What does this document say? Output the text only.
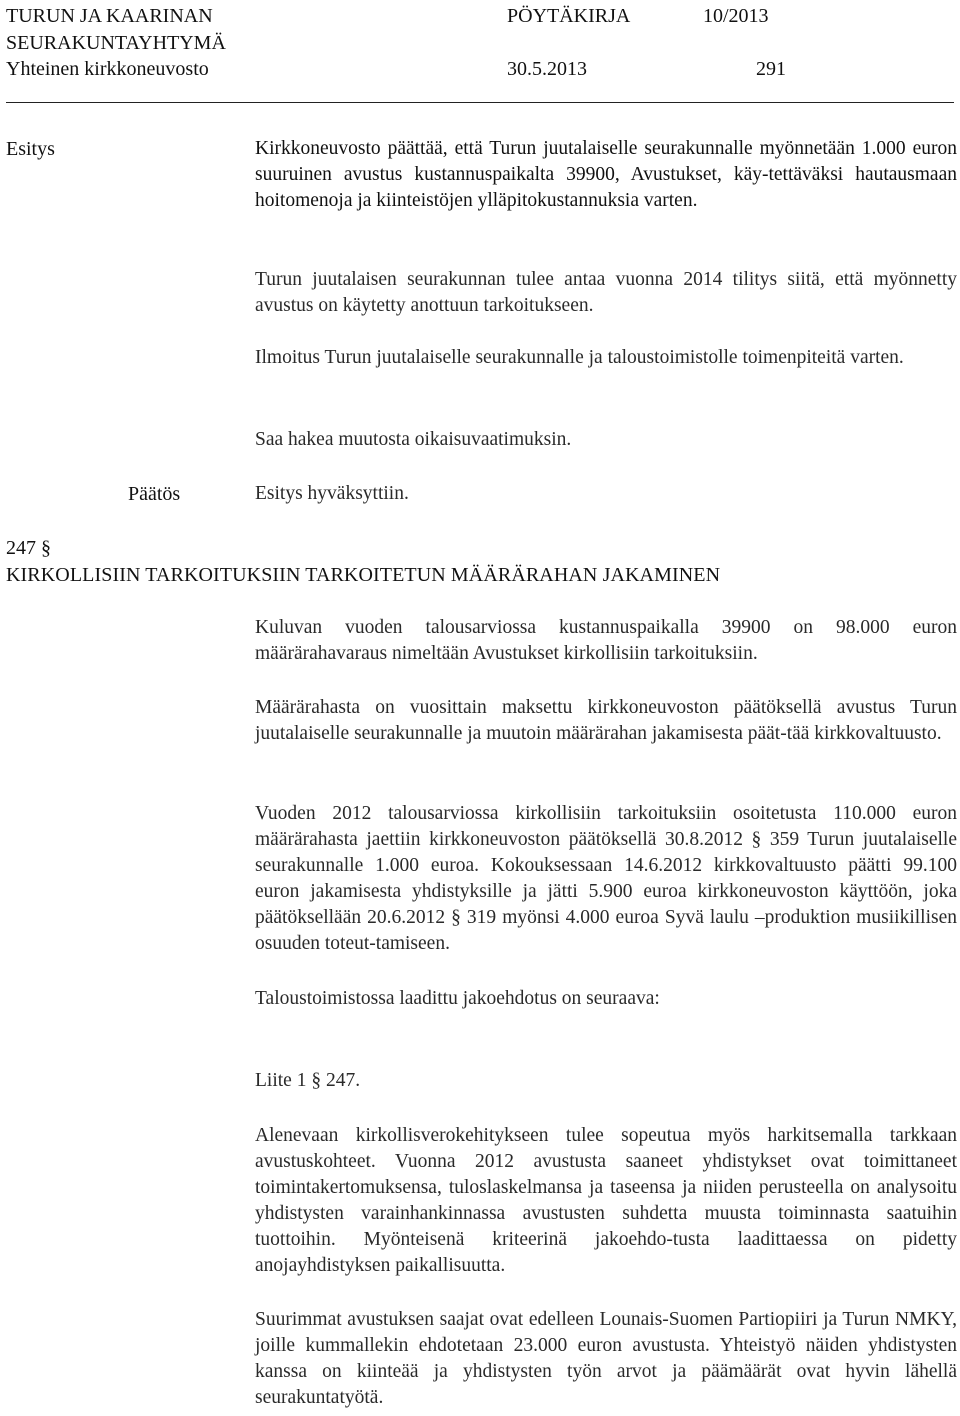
TURUN JA KAARINAN	PÖYTÄKIRJA	10/2013
SEURAKUNTAYHTYMÄ
Yhteinen kirkkoneuvosto	30.5.2013	291
Esitys	Kirkkoneuvosto päättää, että Turun juutalaiselle seurakunnalle myönnetään 1.000 euron suuruinen avustus kustannuspaikalta 39900, Avustukset, käy-tettäväksi hautausmaan hoitomenoja ja kiinteistöjen ylläpitokustannuksia varten.

Turun juutalaisen seurakunnan tulee antaa vuonna 2014 tilitys siitä, että myönnetty avustus on käytetty anottuun tarkoitukseen.

Ilmoitus Turun juutalaiselle seurakunnalle ja taloustoimistolle toimenpiteitä varten.

Saa hakea muutosta oikaisuvaatimuksin.

Päätös	Esitys hyväksyttiin.

247 §
KIRKOLLISIIN TARKOITUKSIIN TARKOITETUN MÄÄRÄRAHAN JAKAMINEN

Kuluvan vuoden talousarviossa kustannuspaikalla 39900 on 98.000 euron määrärahavaraus nimeltään Avustukset kirkollisiin tarkoituksiin.

Määrärahasta on vuosittain maksettu kirkkoneuvoston päätöksellä avustus Turun juutalaiselle seurakunnalle ja muutoin määrärahan jakamisesta päät-tää kirkkovaltuusto.

Vuoden 2012 talousarviossa kirkollisiin tarkoituksiin osoitetusta 110.000 euron määrärahasta jaettiin kirkkoneuvoston päätöksellä 30.8.2012 § 359 Turun juutalaiselle seurakunnalle 1.000 euroa. Kokouksessaan 14.6.2012 kirkkovaltuusto päätti 99.100 euron jakamisesta yhdistyksille ja jätti 5.900 euroa kirkkoneuvoston käyttöön, joka päätöksellään 20.6.2012 § 319 myönsi 4.000 euroa Syvä laulu –produktion musiikillisen osuuden toteut-tamiseen.

Taloustoimistossa laadittu jakoehdotus on seuraava:

Liite 1 § 247.

Alenevaan kirkollisverokehitykseen tulee sopeutua myös harkitsemalla tarkkaan avustuskohteet. Vuonna 2012 avustusta saaneet yhdistykset ovat toimittaneet toimintakertomuksensa, tuloslaskelmansa ja taseensa ja niiden perusteella on analysoitu yhdistysten varainhankinnassa avustusten suhdetta muusta toiminnasta saatuihin tuottoihin. Myönteisenä kriteerinä jakoehdo-tusta laadittaessa on pidetty anojayhdistyksen paikallisuutta.

Suurimmat avustuksen saajat ovat edelleen Lounais-Suomen Partiopiiri ja Turun NMKY, joille kummallekin ehdotetaan 23.000 euron avustusta. Yhteistyö näiden yhdistysten kanssa on kiinteää ja yhdistysten työn arvot ja päämäärät ovat hyvin lähellä seurakuntatyötä.
